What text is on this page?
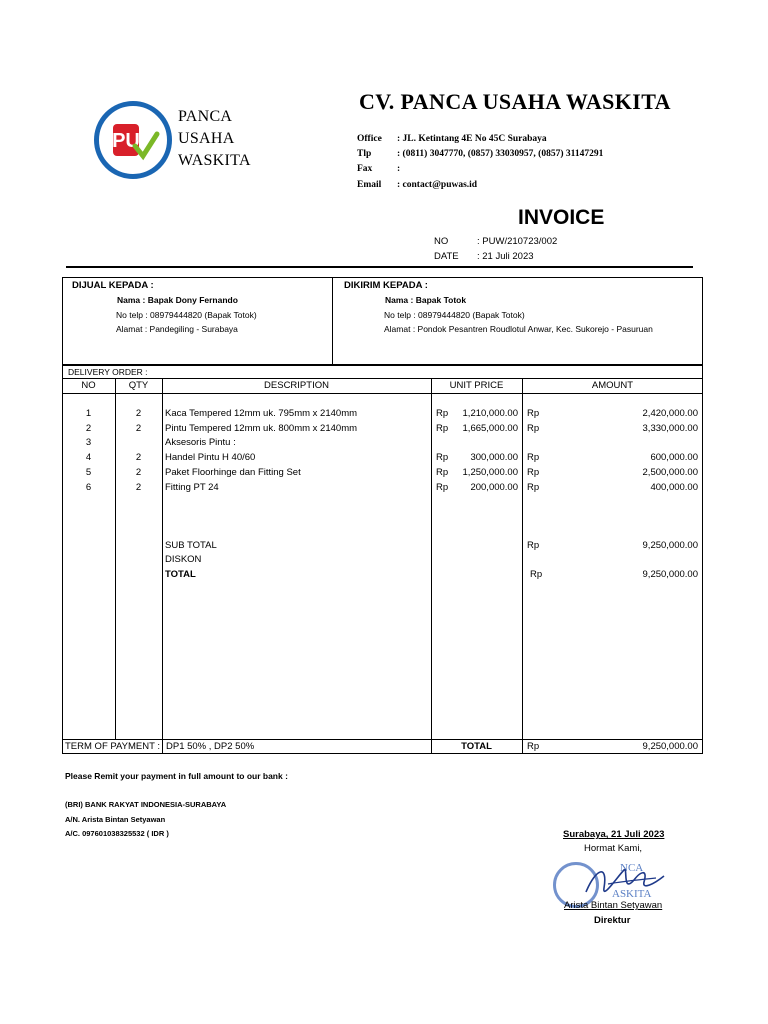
PU
PANCA
USAHA
WASKITA
CV. PANCA USAHA WASKITA
Office : JL. Ketintang 4E No 45C Surabaya
Tlp	: (0811) 3047770, (0857) 33030957, (0857) 31147291
Fax	:
Email : contact@puwas.id
INVOICE
NO	: PUW/210723/002
DATE : 21 Juli 2023
DIJUAL KEPADA :
Nama : Bapak Dony Fernando
No telp : 08979444820 (Bapak Totok)
Alamat : Pandegiling - Surabaya
DIKIRIM KEPADA :
Nama : Bapak Totok
No telp : 08979444820 (Bapak Totok)
Alamat : Pondok Pesantren Roudlotul Anwar, Kec. Sukorejo - Pasuruan
DELIVERY ORDER :
NO	QTY	DESCRIPTION	UNIT PRICE	AMOUNT
1	2	Kaca Tempered 12mm uk. 795mm x 2140mm	Rp	1,210,000.00 Rp	2,420,000.00
2	2	Pintu Tempered 12mm uk. 800mm x 2140mm	Rp	1,665,000.00 Rp	3,330,000.00
3	Aksesoris Pintu :
4	2	Handel Pintu H 40/60	Rp	300,000.00 Rp	600,000.00
5	2	Paket Floorhinge dan Fitting Set	Rp	1,250,000.00 Rp	2,500,000.00
6	2	Fitting PT 24	Rp	200,000.00 Rp	400,000.00
SUB TOTAL	Rp	9,250,000.00
DISKON
TOTAL	Rp	9,250,000.00
TERM OF PAYMENT : DP1 50% , DP2 50%	TOTAL	Rp	9,250,000.00
Please Remit your payment in full amount to our bank :
(BRI) BANK RAKYAT INDONESIA-SURABAYA
A/N. Arista Bintan Setyawan
A/C. 097601038325532 ( IDR )	Surabaya, 21 Juli 2023
Hormat Kami,
NCA
ASKITA
Arista Bintan Setyawan
Direktur
